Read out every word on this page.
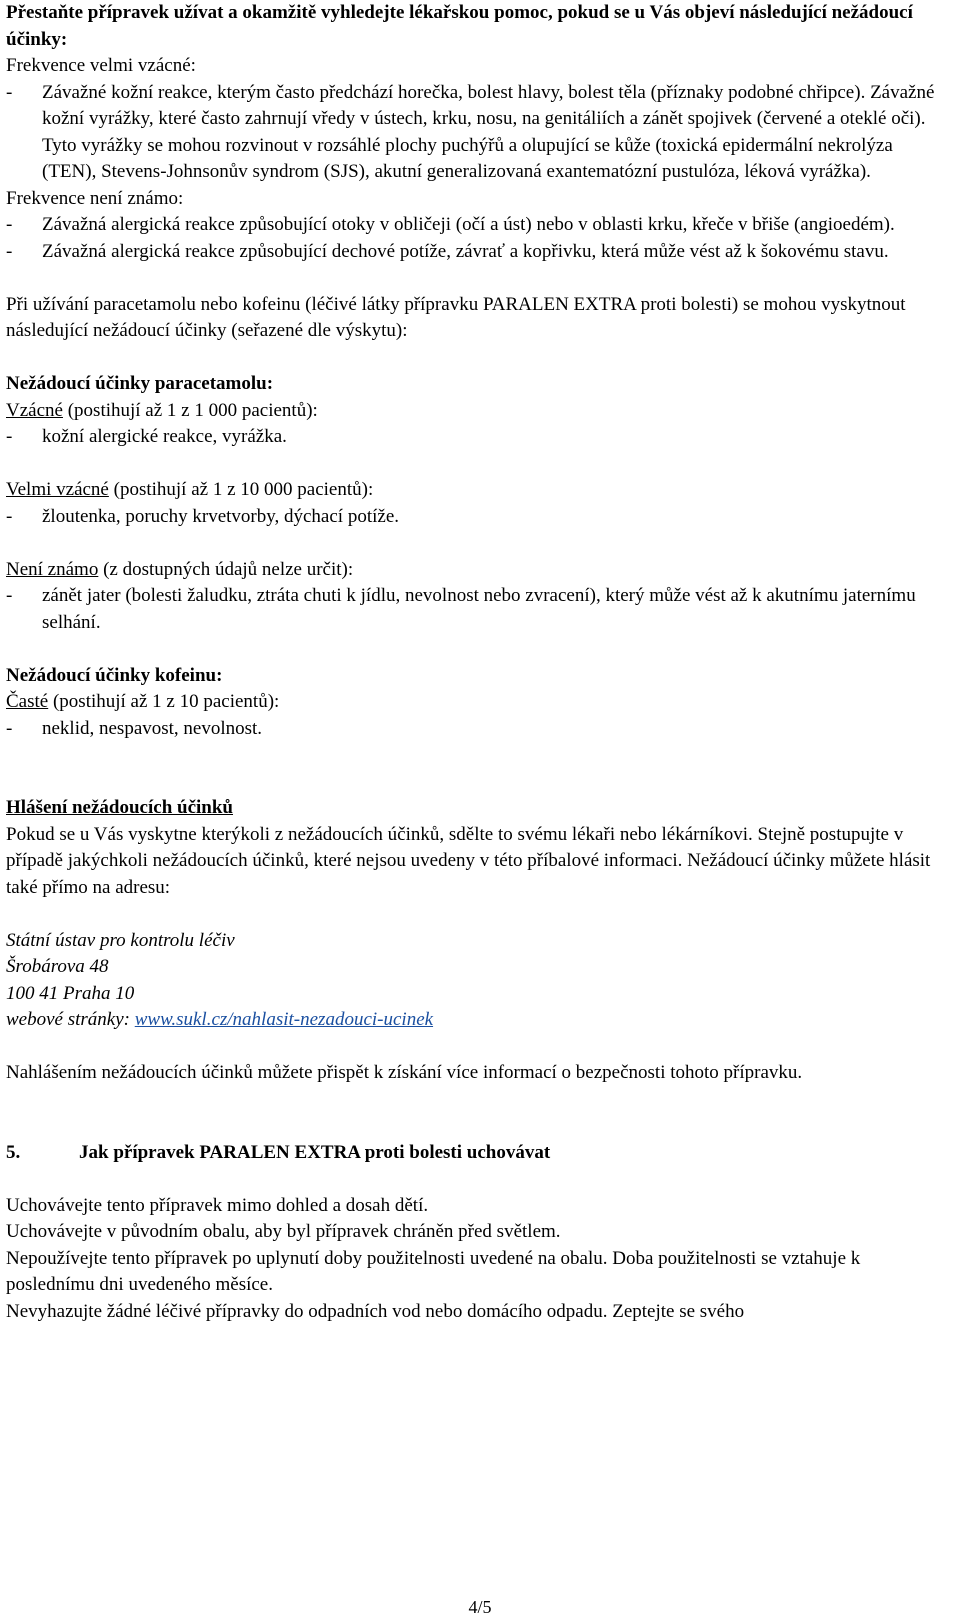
Přestaňte přípravek užívat a okamžitě vyhledejte lékařskou pomoc, pokud se u Vás objeví následující nežádoucí účinky:

Frekvence velmi vzácné:

- Závažné kožní reakce, kterým často předchází horečka, bolest hlavy, bolest těla (příznaky podobné chřipce). Závažné kožní vyrážky, které často zahrnují vředy v ústech, krku, nosu, na genitáliích a zánět spojivek (červené a oteklé oči). Tyto vyrážky se mohou rozvinout v rozsáhlé plochy puchýřů a olupující se kůže (toxická epidermální nekrolýza (TEN), Stevens-Johnsonův syndrom (SJS), akutní generalizovaná exantematózní pustulóza, léková vyrážka).

Frekvence není známo:

- Závažná alergická reakce způsobující otoky v obličeji (očí a úst) nebo v oblasti krku, křeče v břiše (angioedém).
- Závažná alergická reakce způsobující dechové potíže, závrať a kopřivku, která může vést až k šokovému stavu.

Při užívání paracetamolu nebo kofeinu (léčivé látky přípravku PARALEN EXTRA proti bolesti) se mohou vyskytnout následující nežádoucí účinky (seřazené dle výskytu):

Nežádoucí účinky paracetamolu:

Vzácné (postihují až 1 z 1 000 pacientů):

- kožní alergické reakce, vyrážka.

Velmi vzácné (postihují až 1 z 10 000 pacientů):

- žloutenka, poruchy krvetvorby, dýchací potíže.

Není známo (z dostupných údajů nelze určit):

- zánět jater (bolesti žaludku, ztráta chuti k jídlu, nevolnost nebo zvracení), který může vést až k akutnímu jaternímu selhání.

Nežádoucí účinky kofeinu:

Časté (postihují až 1 z 10 pacientů):

- neklid, nespavost, nevolnost.

Hlášení nežádoucích účinků

Pokud se u Vás vyskytne kterýkoli z nežádoucích účinků, sdělte to svému lékaři nebo lékárníkovi. Stejně postupujte v případě jakýchkoli nežádoucích účinků, které nejsou uvedeny v této příbalové informaci. Nežádoucí účinky můžete hlásit také přímo na adresu:

Státní ústav pro kontrolu léčiv

Šrobárova 48

100 41 Praha 10

webové stránky: www.sukl.cz/nahlasit-nezadouci-ucinek

Nahlášením nežádoucích účinků můžete přispět k získání více informací o bezpečnosti tohoto přípravku.

5.	Jak přípravek PARALEN EXTRA proti bolesti uchovávat

Uchovávejte tento přípravek mimo dohled a dosah dětí.

Uchovávejte v původním obalu, aby byl přípravek chráněn před světlem.

Nepoužívejte tento přípravek po uplynutí doby použitelnosti uvedené na obalu. Doba použitelnosti se vztahuje k poslednímu dni uvedeného měsíce.

Nevyhazujte žádné léčivé přípravky do odpadních vod nebo domácího odpadu. Zeptejte se svého

4/5
